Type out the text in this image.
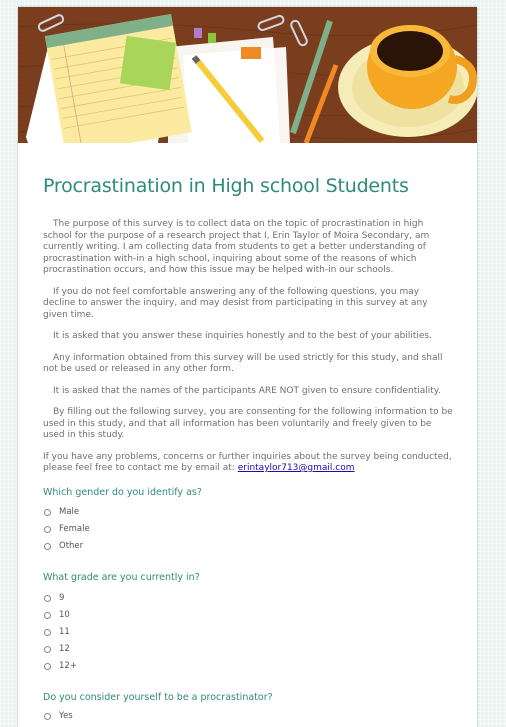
Procrastination in High school Students

The purpose of this survey is to collect data on the topic of procrastination in high school for the purpose of a research project that I, Erin Taylor of Moira Secondary, am currently writing. I am collecting data from students to get a better understanding of procrastination with-in a high school, inquiring about some of the reasons of which procrastination occurs, and how this issue may be helped with-in our schools.

If you do not feel comfortable answering any of the following questions, you may decline to answer the inquiry, and may desist from participating in this survey at any given time.

It is asked that you answer these inquiries honestly and to the best of your abilities.

Any information obtained from this survey will be used strictly for this study, and shall not be used or released in any other form.

It is asked that the names of the participants ARE NOT given to ensure confidentiality.

By filling out the following survey, you are consenting for the following information to be used in this study, and that all information has been voluntarily and freely given to be used in this study.

If you have any problems, concerns or further inquiries about the survey being conducted, please feel free to contact me by email at: erintaylor713@gmail.com

Which gender do you identify as?
Male
Female
Other
What grade are you currently in?
9
10
11
12
12+
Do you consider yourself to be a procrastinator?
Yes
